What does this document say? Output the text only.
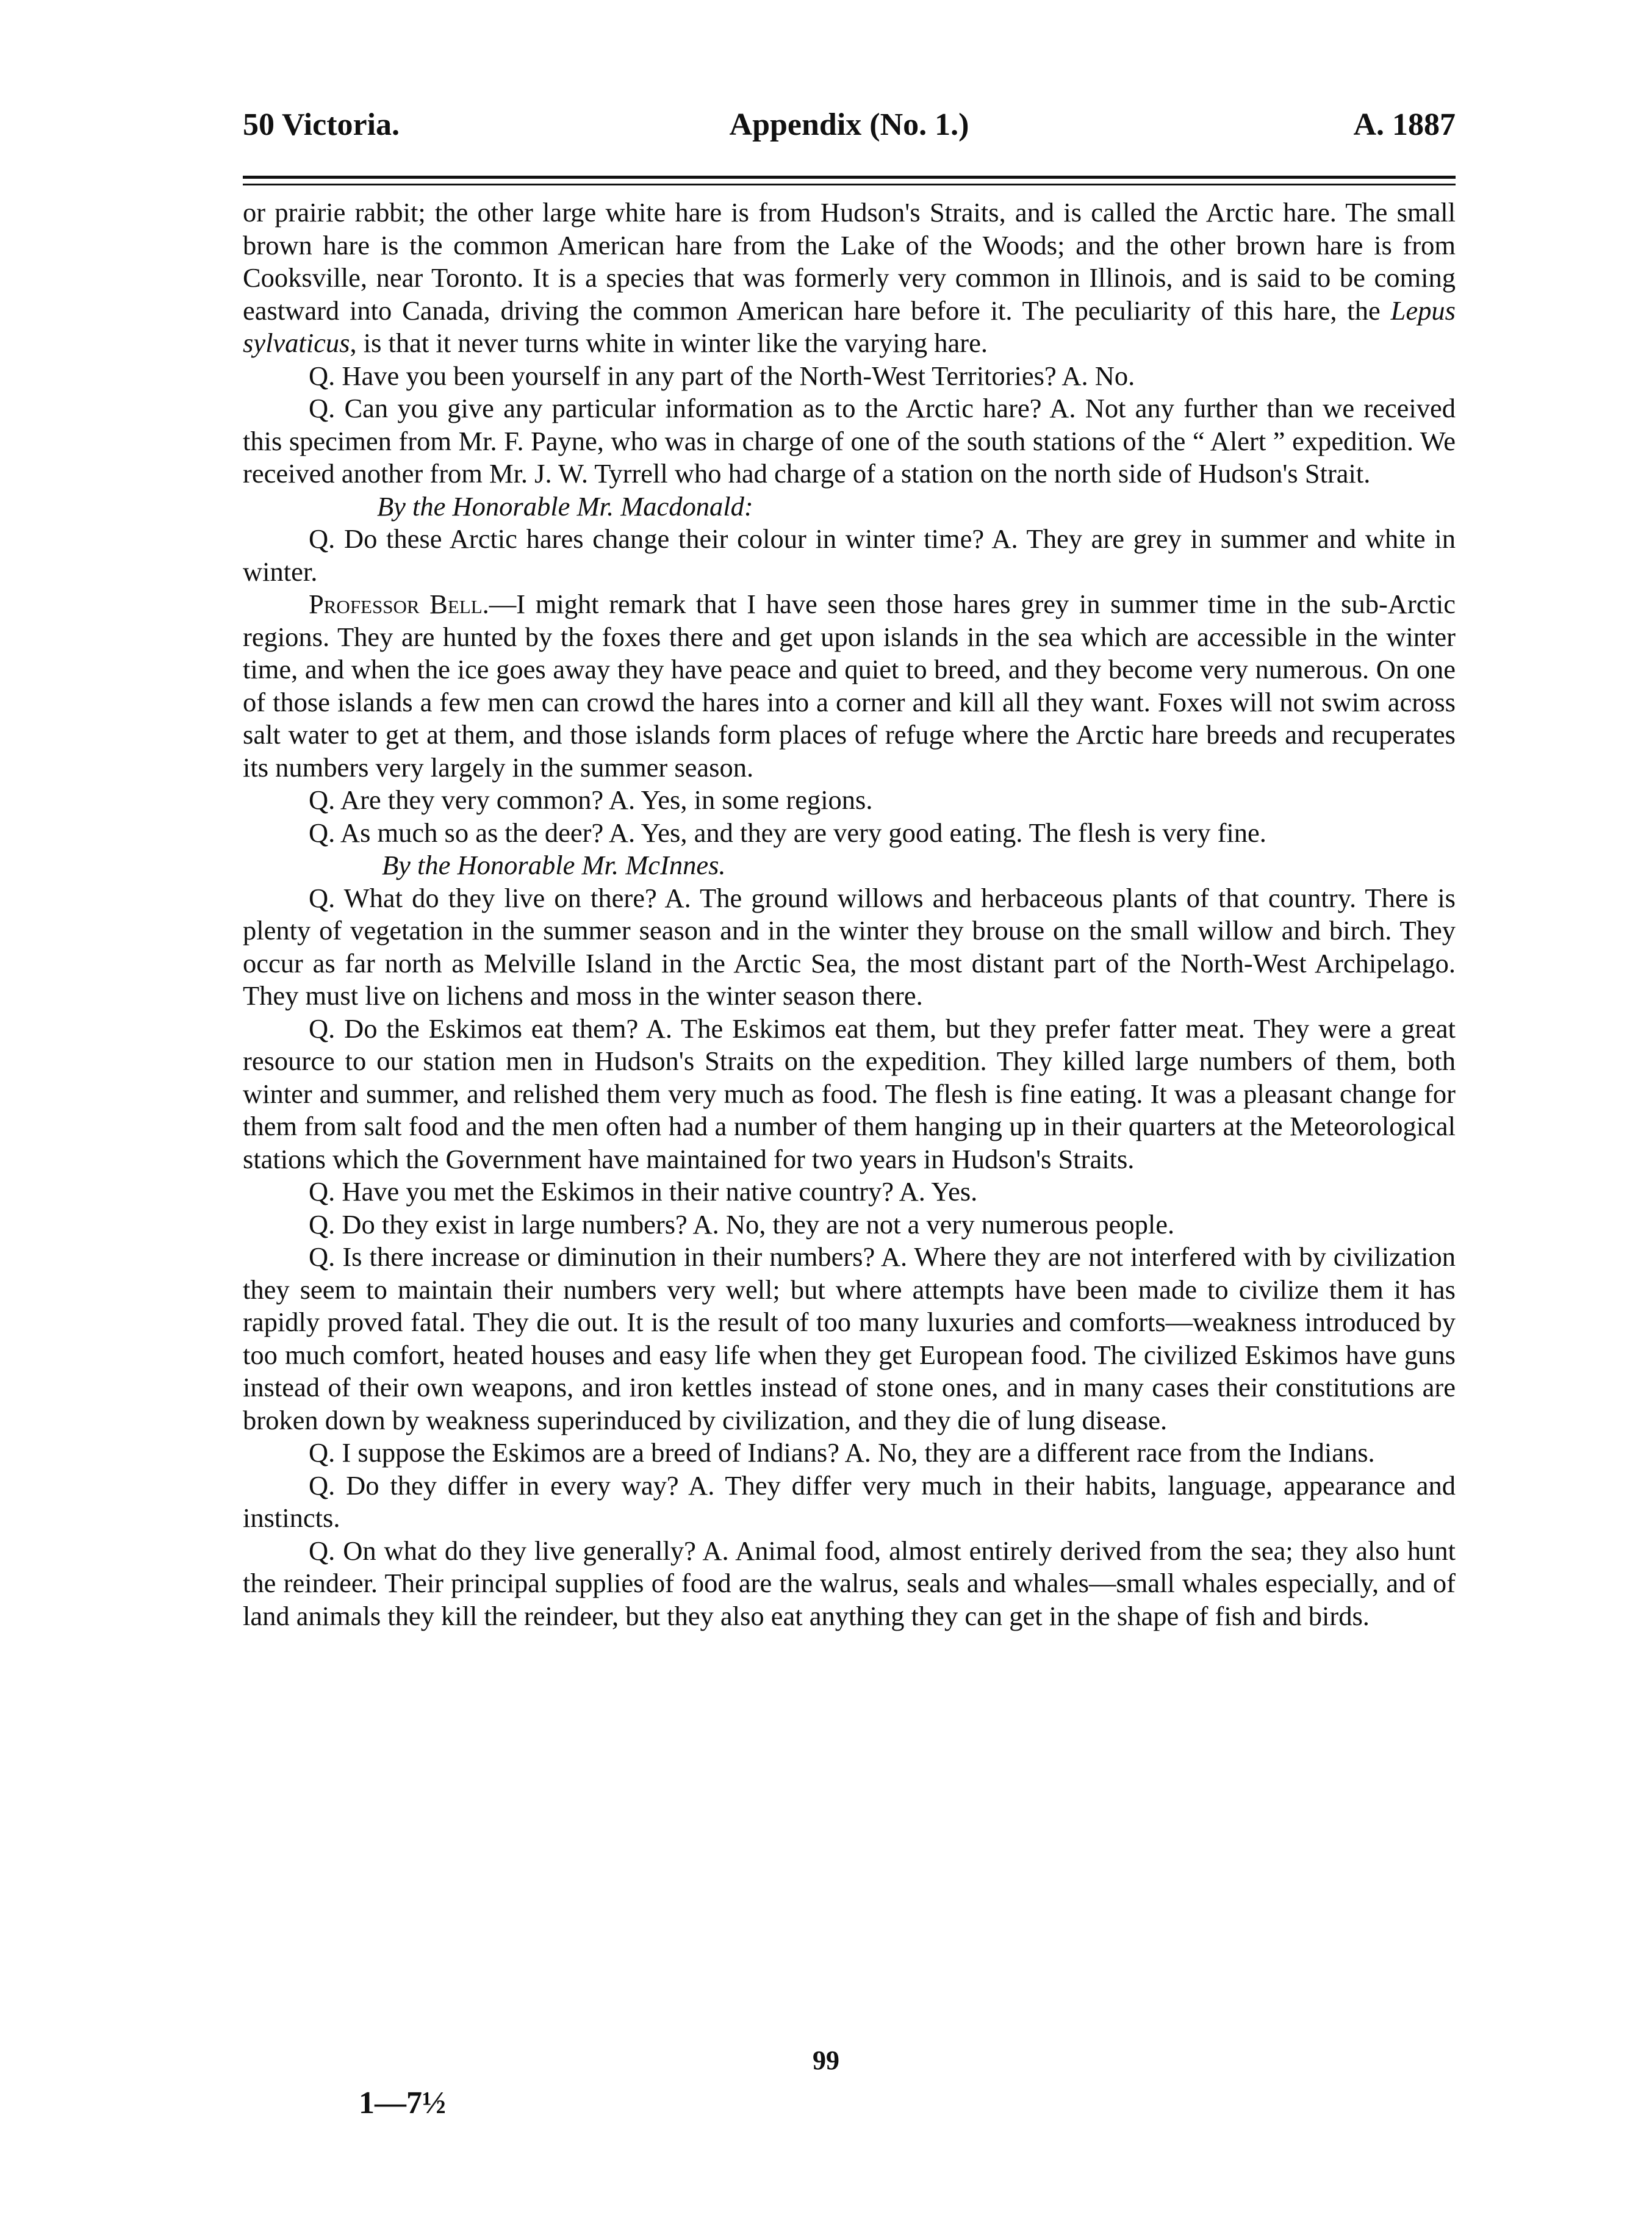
50 Victoria.	Appendix (No. 1.)	A. 1887

or prairie rabbit; the other large white hare is from Hudson's Straits, and is called the Arctic hare. The small brown hare is the common American hare from the Lake of the Woods; and the other brown hare is from Cooksville, near Toronto. It is a species that was formerly very common in Illinois, and is said to be coming eastward into Canada, driving the common American hare before it. The peculiarity of this hare, the Lepus sylvaticus, is that it never turns white in winter like the varying hare.

Q. Have you been yourself in any part of the North-West Territories? A. No.

Q. Can you give any particular information as to the Arctic hare? A. Not any further than we received this specimen from Mr. F. Payne, who was in charge of one of the south stations of the “ Alert ” expedition. We received another from Mr. J. W. Tyrrell who had charge of a station on the north side of Hudson's Strait.

By the Honorable Mr. Macdonald:

Q. Do these Arctic hares change their colour in winter time? A. They are grey in summer and white in winter.

Professor Bell.—I might remark that I have seen those hares grey in summer time in the sub-Arctic regions. They are hunted by the foxes there and get upon islands in the sea which are accessible in the winter time, and when the ice goes away they have peace and quiet to breed, and they become very numerous. On one of those islands a few men can crowd the hares into a corner and kill all they want. Foxes will not swim across salt water to get at them, and those islands form places of refuge where the Arctic hare breeds and recuperates its numbers very largely in the summer season.

Q. Are they very common? A. Yes, in some regions.

Q. As much so as the deer? A. Yes, and they are very good eating. The flesh is very fine.

By the Honorable Mr. McInnes.

Q. What do they live on there? A. The ground willows and herbaceous plants of that country. There is plenty of vegetation in the summer season and in the winter they brouse on the small willow and birch. They occur as far north as Melville Island in the Arctic Sea, the most distant part of the North-West Archipelago. They must live on lichens and moss in the winter season there.

Q. Do the Eskimos eat them? A. The Eskimos eat them, but they prefer fatter meat. They were a great resource to our station men in Hudson's Straits on the expedition. They killed large numbers of them, both winter and summer, and relished them very much as food. The flesh is fine eating. It was a pleasant change for them from salt food and the men often had a number of them hanging up in their quarters at the Meteorological stations which the Government have maintained for two years in Hudson's Straits.

Q. Have you met the Eskimos in their native country? A. Yes.

Q. Do they exist in large numbers? A. No, they are not a very numerous people.

Q. Is there increase or diminution in their numbers? A. Where they are not interfered with by civilization they seem to maintain their numbers very well; but where attempts have been made to civilize them it has rapidly proved fatal. They die out. It is the result of too many luxuries and comforts—weakness introduced by too much comfort, heated houses and easy life when they get European food. The civilized Eskimos have guns instead of their own weapons, and iron kettles instead of stone ones, and in many cases their constitutions are broken down by weakness superinduced by civilization, and they die of lung disease.

Q. I suppose the Eskimos are a breed of Indians? A. No, they are a different race from the Indians.

Q. Do they differ in every way? A. They differ very much in their habits, language, appearance and instincts.

Q. On what do they live generally? A. Animal food, almost entirely derived from the sea; they also hunt the reindeer. Their principal supplies of food are the walrus, seals and whales—small whales especially, and of land animals they kill the reindeer, but they also eat anything they can get in the shape of fish and birds.

99
1—7½
